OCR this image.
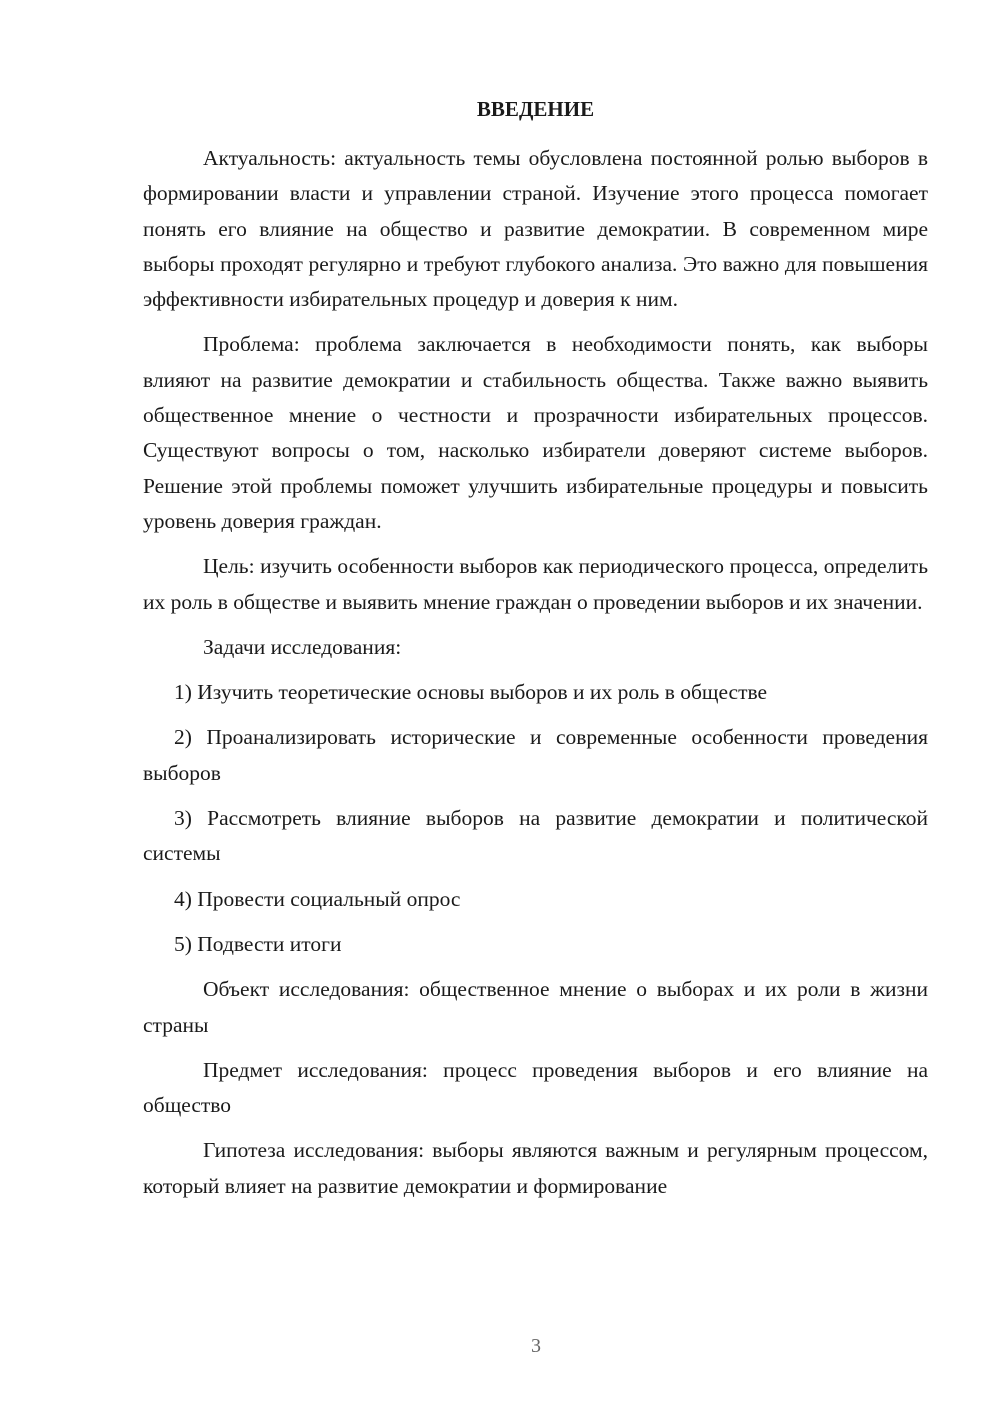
ВВЕДЕНИЕ

Актуальность: актуальность темы обусловлена постоянной ролью выборов в формировании власти и управлении страной. Изучение этого процесса помогает понять его влияние на общество и развитие демократии. В современном мире выборы проходят регулярно и требуют глубокого анализа. Это важно для повышения эффективности избирательных процедур и доверия к ним.

Проблема: проблема заключается в необходимости понять, как выборы влияют на развитие демократии и стабильность общества. Также важно выявить общественное мнение о честности и прозрачности избирательных процессов. Существуют вопросы о том, насколько избиратели доверяют системе выборов. Решение этой проблемы поможет улучшить избирательные процедуры и повысить уровень доверия граждан.

Цель: изучить особенности выборов как периодического процесса, определить их роль в обществе и выявить мнение граждан о проведении выборов и их значении.

Задачи исследования:

1) Изучить теоретические основы выборов и их роль в обществе

2) Проанализировать исторические и современные особенности проведения выборов

3) Рассмотреть влияние выборов на развитие демократии и политической системы

4) Провести социальный опрос

5) Подвести итоги

Объект исследования: общественное мнение о выборах и их роли в жизни страны

Предмет исследования: процесс проведения выборов и его влияние на общество

Гипотеза исследования: выборы являются важным и регулярным процессом, который влияет на развитие демократии и формирование

3
